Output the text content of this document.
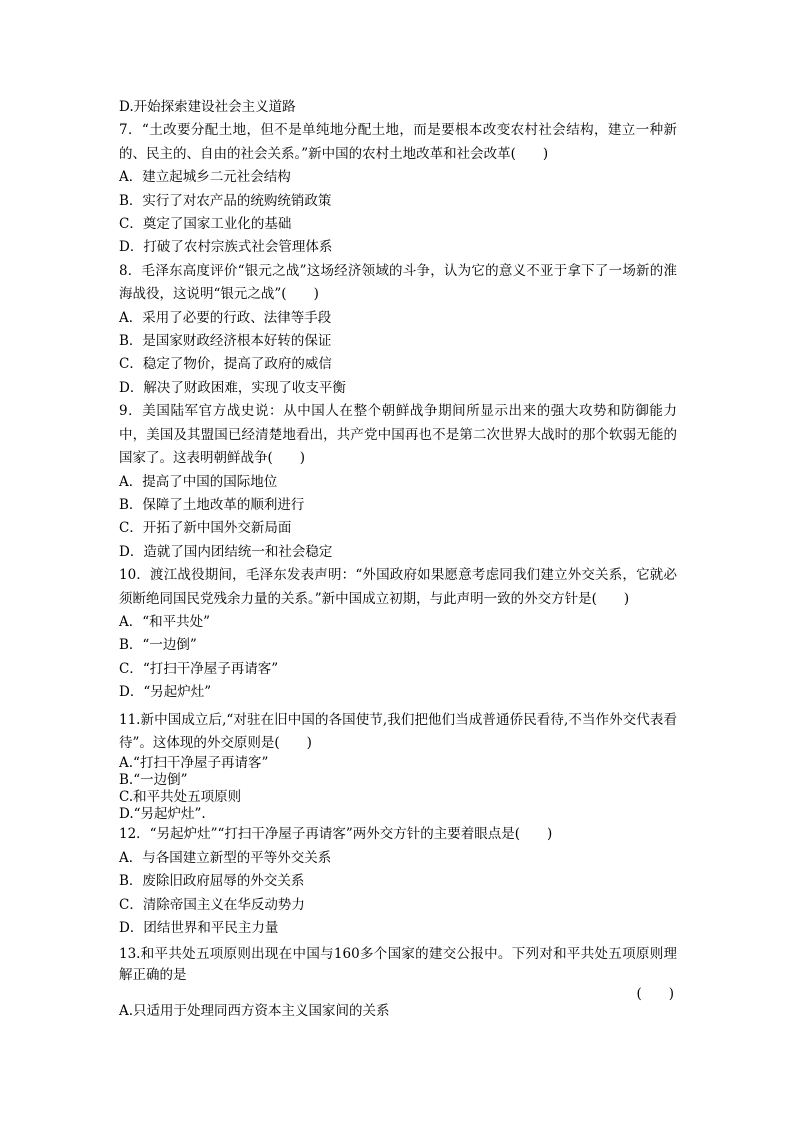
D.开始探索建设社会主义道路
7．“土改要分配土地，但不是单纯地分配土地，而是要根本改变农村社会结构，建立一种新的、民主的、自由的社会关系。”新中国的农村土地改革和社会改革(　　)
A．建立起城乡二元社会结构
B．实行了对农产品的统购统销政策
C．奠定了国家工业化的基础
D．打破了农村宗族式社会管理体系
8．毛泽东高度评价“银元之战”这场经济领域的斗争，认为它的意义不亚于拿下了一场新的淮海战役，这说明“银元之战”(　　)
A．采用了必要的行政、法律等手段
B．是国家财政经济根本好转的保证
C．稳定了物价，提高了政府的威信
D．解决了财政困难，实现了收支平衡
9．美国陆军官方战史说：从中国人在整个朝鲜战争期间所显示出来的强大攻势和防御能力中，美国及其盟国已经清楚地看出，共产党中国再也不是第二次世界大战时的那个软弱无能的国家了。这表明朝鲜战争(　　)
A．提高了中国的国际地位
B．保障了土地改革的顺利进行
C．开拓了新中国外交新局面
D．造就了国内团结统一和社会稳定
10．渡江战役期间，毛泽东发表声明：“外国政府如果愿意考虑同我们建立外交关系，它就必须断绝同国民党残余力量的关系。”新中国成立初期，与此声明一致的外交方针是(　　)
A．“和平共处”
B．“一边倒”
C．“打扫干净屋子再请客”
D．“另起炉灶”
11.新中国成立后,“对驻在旧中国的各国使节,我们把他们当成普通侨民看待,不当作外交代表看待”。这体现的外交原则是(　　)
A.“打扫干净屋子再请客”
B.“一边倒”
C.和平共处五项原则
D.“另起炉灶”.
12．“另起炉灶”“打扫干净屋子再请客”两外交方针的主要着眼点是(　　)
A．与各国建立新型的平等外交关系
B．废除旧政府屈辱的外交关系
C．清除帝国主义在华反动势力
D．团结世界和平民主力量
13.和平共处五项原则出现在中国与160多个国家的建交公报中。下列对和平共处五项原则理解正确的是
(　　)
A.只适用于处理同西方资本主义国家间的关系
